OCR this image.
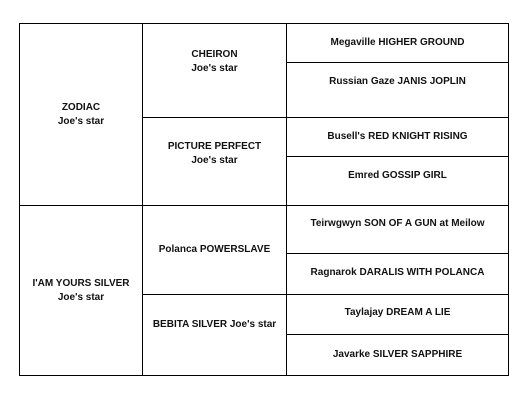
ZODIAC
Joe's star
I'AM YOURS SILVER
Joe's star
CHEIRON
Joe's star
PICTURE PERFECT
Joe's star
Polanca POWERSLAVE
BEBITA SILVER Joe's star
Megaville HIGHER GROUND
Russian Gaze JANIS JOPLIN
Busell's RED KNIGHT RISING
Emred GOSSIP GIRL
Teirwgwyn SON OF A GUN at Meilow
Ragnarok DARALIS WITH POLANCA
Taylajay DREAM A LIE
Javarke SILVER SAPPHIRE
